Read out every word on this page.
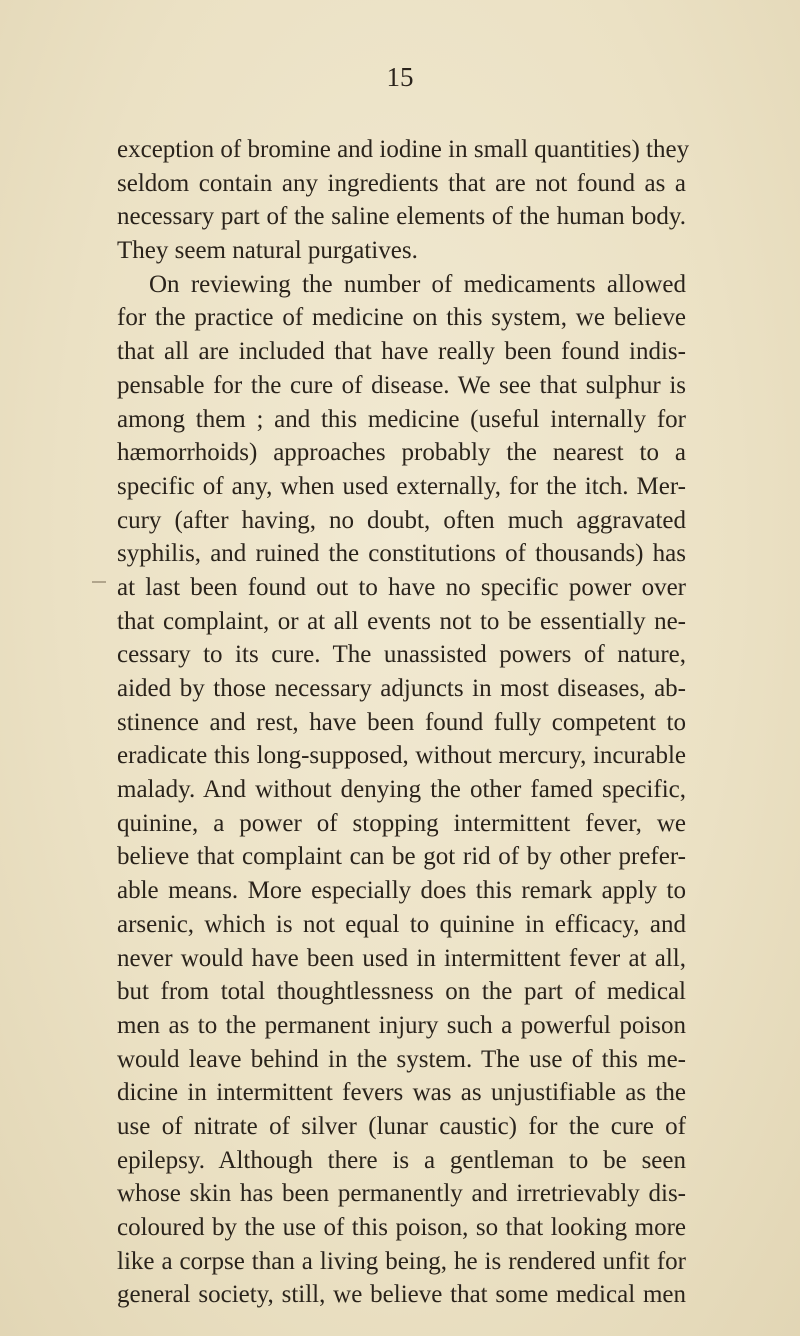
15
exception of bromine and iodine in small quantities) they
seldom contain any ingredients that are not found as a
necessary part of the saline elements of the human body.
They seem natural purgatives.
On reviewing the number of medicaments allowed
for the practice of medicine on this system, we believe
that all are included that have really been found indis-
pensable for the cure of disease. We see that sulphur is
among them ; and this medicine (useful internally for
hæmorrhoids) approaches probably the nearest to a
specific of any, when used externally, for the itch. Mer-
cury (after having, no doubt, often much aggravated
syphilis, and ruined the constitutions of thousands) has
at last been found out to have no specific power over
that complaint, or at all events not to be essentially ne-
cessary to its cure. The unassisted powers of nature,
aided by those necessary adjuncts in most diseases, ab-
stinence and rest, have been found fully competent to
eradicate this long-supposed, without mercury, incurable
malady. And without denying the other famed specific,
quinine, a power of stopping intermittent fever, we
believe that complaint can be got rid of by other prefer-
able means. More especially does this remark apply to
arsenic, which is not equal to quinine in efficacy, and
never would have been used in intermittent fever at all,
but from total thoughtlessness on the part of medical
men as to the permanent injury such a powerful poison
would leave behind in the system. The use of this me-
dicine in intermittent fevers was as unjustifiable as the
use of nitrate of silver (lunar caustic) for the cure of
epilepsy. Although there is a gentleman to be seen
whose skin has been permanently and irretrievably dis-
coloured by the use of this poison, so that looking more
like a corpse than a living being, he is rendered unfit for
general society, still, we believe that some medical men
